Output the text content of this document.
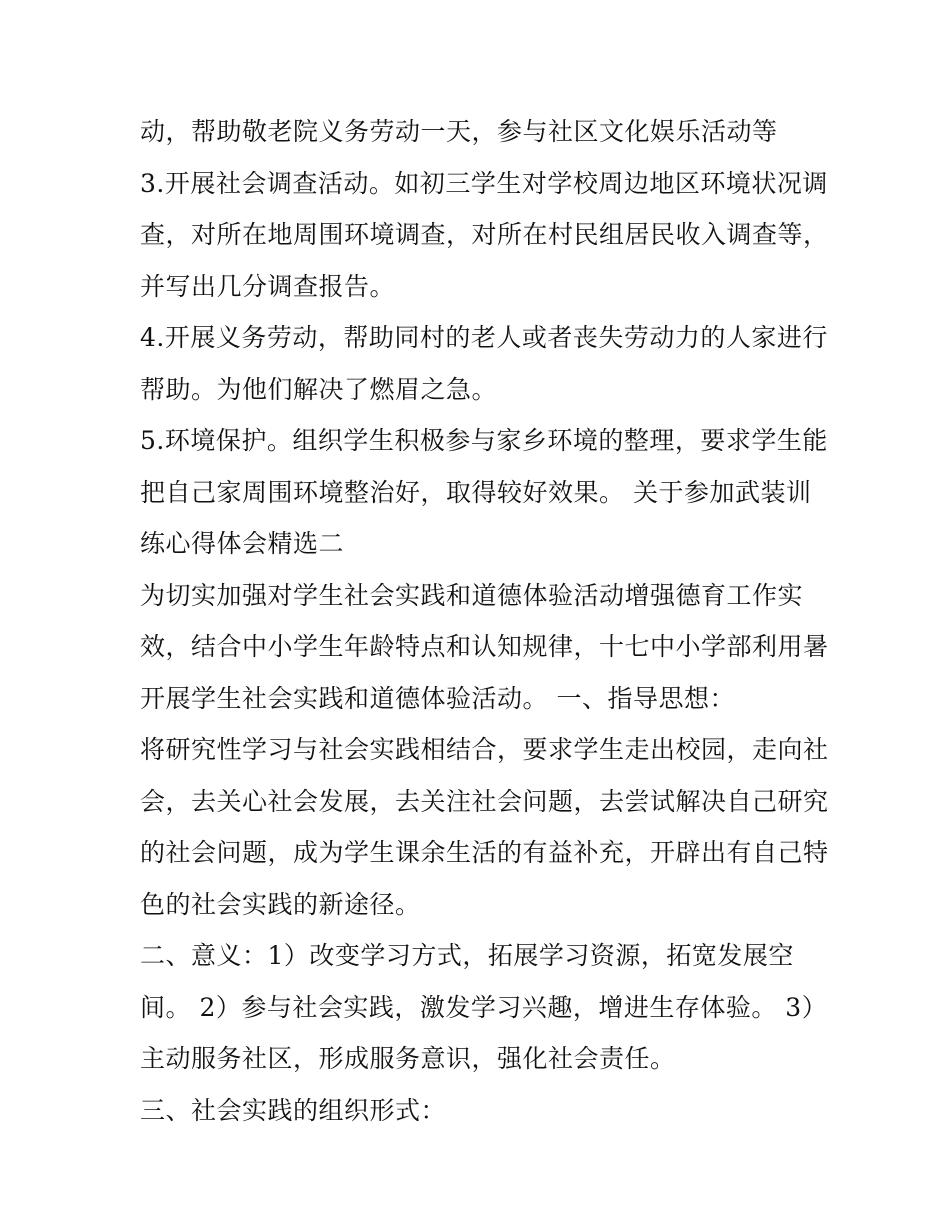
动，帮助敬老院义务劳动一天，参与社区文化娱乐活动等
3.开展社会调查活动。如初三学生对学校周边地区环境状况调
查，对所在地周围环境调查，对所在村民组居民收入调查等，
并写出几分调查报告。
4.开展义务劳动，帮助同村的老人或者丧失劳动力的人家进行
帮助。为他们解决了燃眉之急。
5.环境保护。组织学生积极参与家乡环境的整理，要求学生能
把自己家周围环境整治好，取得较好效果。 关于参加武装训
练心得体会精选二
为切实加强对学生社会实践和道德体验活动增强德育工作实
效，结合中小学生年龄特点和认知规律，十七中小学部利用暑
开展学生社会实践和道德体验活动。 一、指导思想：
将研究性学习与社会实践相结合，要求学生走出校园，走向社
会，去关心社会发展，去关注社会问题，去尝试解决自己研究
的社会问题，成为学生课余生活的有益补充，开辟出有自己特
色的社会实践的新途径。
二、意义：1）改变学习方式，拓展学习资源，拓宽发展空
间。 2）参与社会实践，激发学习兴趣，增进生存体验。 3）
主动服务社区，形成服务意识，强化社会责任。
三、社会实践的组织形式：
